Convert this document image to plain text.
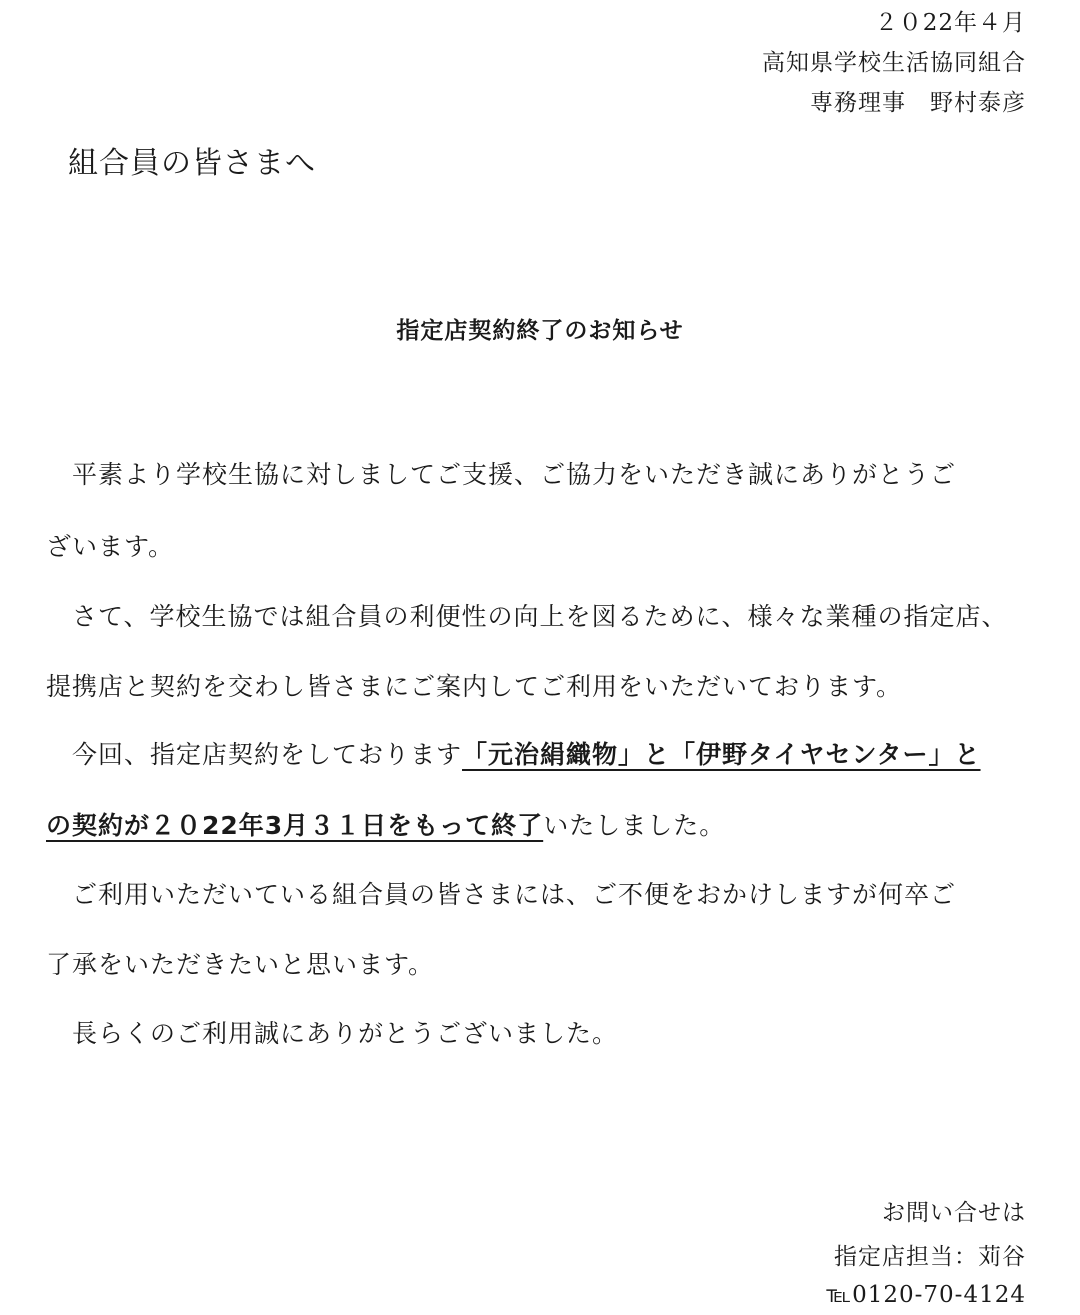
２０22年４月
高知県学校生活協同組合
専務理事　野村泰彦
組合員の皆さまへ
指定店契約終了のお知らせ
　平素より学校生協に対しましてご支援、ご協力をいただき誠にありがとうご
ざいます。
　さて、学校生協では組合員の利便性の向上を図るために、様々な業種の指定店、
提携店と契約を交わし皆さまにご案内してご利用をいただいております。
　今回、指定店契約をしております「元治絹織物」と「伊野タイヤセンター」と
の契約が２０22年3月３１日をもって終了いたしました。
　ご利用いただいている組合員の皆さまには、ご不便をおかけしますが何卒ご
了承をいただきたいと思います。
　長らくのご利用誠にありがとうございました。
お問い合せは
指定店担当：苅谷
℡0120-70-4124
